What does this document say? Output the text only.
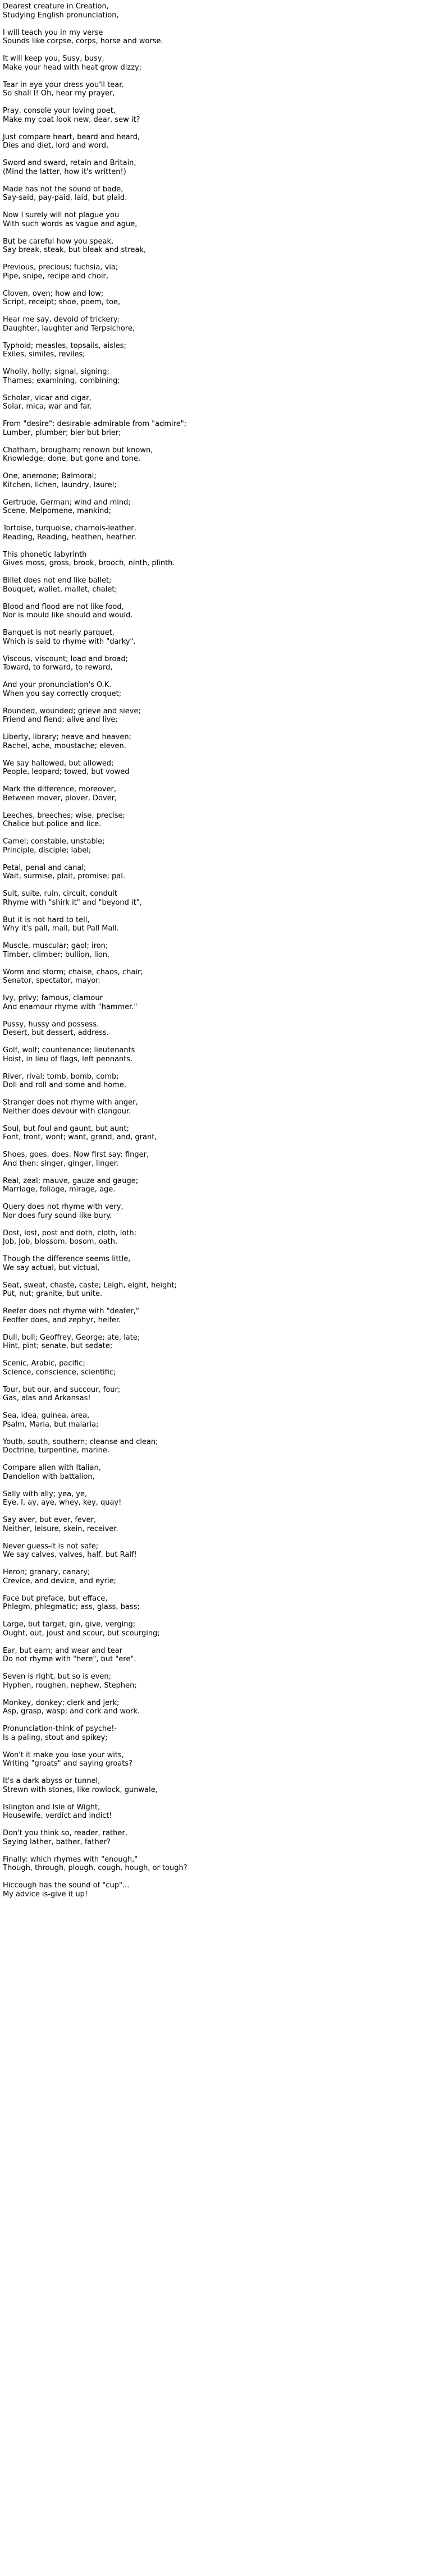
Dearest creature in Creation,
Studying English pronunciation,
I will teach you in my verse
Sounds like corpse, corps, horse and worse.
It will keep you, Susy, busy,
Make your head with heat grow dizzy;
Tear in eye your dress you'll tear.
So shall I! Oh, hear my prayer,
Pray, console your loving poet,
Make my coat look new, dear, sew it?
Just compare heart, beard and heard,
Dies and diet, lord and word,
Sword and sward, retain and Britain,
(Mind the latter, how it's written!)
Made has not the sound of bade,
Say-said, pay-paid, laid, but plaid.
Now I surely will not plague you
With such words as vague and ague,
But be careful how you speak,
Say break, steak, but bleak and streak,
Previous, precious; fuchsia, via;
Pipe, snipe, recipe and choir,
Cloven, oven; how and low;
Script, receipt; shoe, poem, toe,
Hear me say, devoid of trickery:
Daughter, laughter and Terpsichore,
Typhoid; measles, topsails, aisles;
Exiles, similes, reviles;
Wholly, holly; signal, signing;
Thames; examining, combining;
Scholar, vicar and cigar,
Solar, mica, war and far.
From "desire": desirable-admirable from "admire";
Lumber, plumber; bier but brier;
Chatham, brougham; renown but known,
Knowledge; done, but gone and tone,
One, anemone; Balmoral;
Kitchen, lichen, laundry, laurel;
Gertrude, German; wind and mind;
Scene, Melpomene, mankind;
Tortoise, turquoise, chamois-leather,
Reading, Reading, heathen, heather.
This phonetic labyrinth
Gives moss, gross, brook, brooch, ninth, plinth.
Billet does not end like ballet;
Bouquet, wallet, mallet, chalet;
Blood and flood are not like food,
Nor is mould like should and would.
Banquet is not nearly parquet,
Which is said to rhyme with "darky".
Viscous, viscount; load and broad;
Toward, to forward, to reward,
And your pronunciation's O.K.
When you say correctly croquet;
Rounded, wounded; grieve and sieve;
Friend and fiend; alive and live;
Liberty, library; heave and heaven;
Rachel, ache, moustache; eleven.
We say hallowed, but allowed;
People, leopard; towed, but vowed
Mark the difference, moreover,
Between mover, plover, Dover,
Leeches, breeches; wise, precise;
Chalice but police and lice.
Camel; constable, unstable;
Principle, disciple; label;
Petal, penal and canal;
Wait, surmise, plait, promise; pal.
Suit, suite, ruin, circuit, conduit
Rhyme with "shirk it" and "beyond it",
But it is not hard to tell,
Why it's pall, mall, but Pall Mall.
Muscle, muscular; gaol; iron;
Timber, climber; bullion, lion,
Worm and storm; chaise, chaos, chair;
Senator, spectator, mayor.
Ivy, privy; famous, clamour
And enamour rhyme with "hammer."
Pussy, hussy and possess.
Desert, but dessert, address.
Golf, wolf; countenance; lieutenants
Hoist, in lieu of flags, left pennants.
River, rival; tomb, bomb, comb;
Doll and roll and some and home.
Stranger does not rhyme with anger,
Neither does devour with clangour.
Soul, but foul and gaunt, but aunt;
Font, front, wont; want, grand, and, grant,
Shoes, goes, does. Now first say: finger,
And then: singer, ginger, linger.
Real, zeal; mauve, gauze and gauge;
Marriage, foliage, mirage, age.
Query does not rhyme with very,
Nor does fury sound like bury.
Dost, lost, post and doth, cloth, loth;
Job, Job, blossom, bosom, oath.
Though the difference seems little,
We say actual, but victual,
Seat, sweat, chaste, caste; Leigh, eight, height;
Put, nut; granite, but unite.
Reefer does not rhyme with "deafer,"
Feoffer does, and zephyr, heifer.
Dull, bull; Geoffrey, George; ate, late;
Hint, pint; senate, but sedate;
Scenic, Arabic, pacific;
Science, conscience, scientific;
Tour, but our, and succour, four;
Gas, alas and Arkansas!
Sea, idea, guinea, area,
Psalm, Maria, but malaria;
Youth, south, southern; cleanse and clean;
Doctrine, turpentine, marine.
Compare alien with Italian,
Dandelion with battalion,
Sally with ally; yea, ye,
Eye, I, ay, aye, whey, key, quay!
Say aver, but ever, fever,
Neither, leisure, skein, receiver.
Never guess-it is not safe;
We say calves, valves, half, but Ralf!
Heron; granary, canary;
Crevice, and device, and eyrie;
Face but preface, but efface,
Phlegm, phlegmatic; ass, glass, bass;
Large, but target, gin, give, verging;
Ought, out, joust and scour, but scourging;
Ear, but earn; and wear and tear
Do not rhyme with "here", but "ere".
Seven is right, but so is even;
Hyphen, roughen, nephew, Stephen;
Monkey, donkey; clerk and jerk;
Asp, grasp, wasp; and cork and work.
Pronunciation-think of psyche!-
Is a paling, stout and spikey;
Won't it make you lose your wits,
Writing "groats" and saying groats?
It's a dark abyss or tunnel,
Strewn with stones, like rowlock, gunwale,
Islington and Isle of Wight,
Housewife, verdict and indict!
Don't you think so, reader, rather,
Saying lather, bather, father?
Finally: which rhymes with "enough,"
Though, through, plough, cough, hough, or tough?
Hiccough has the sound of "cup"...
My advice is-give it up!
